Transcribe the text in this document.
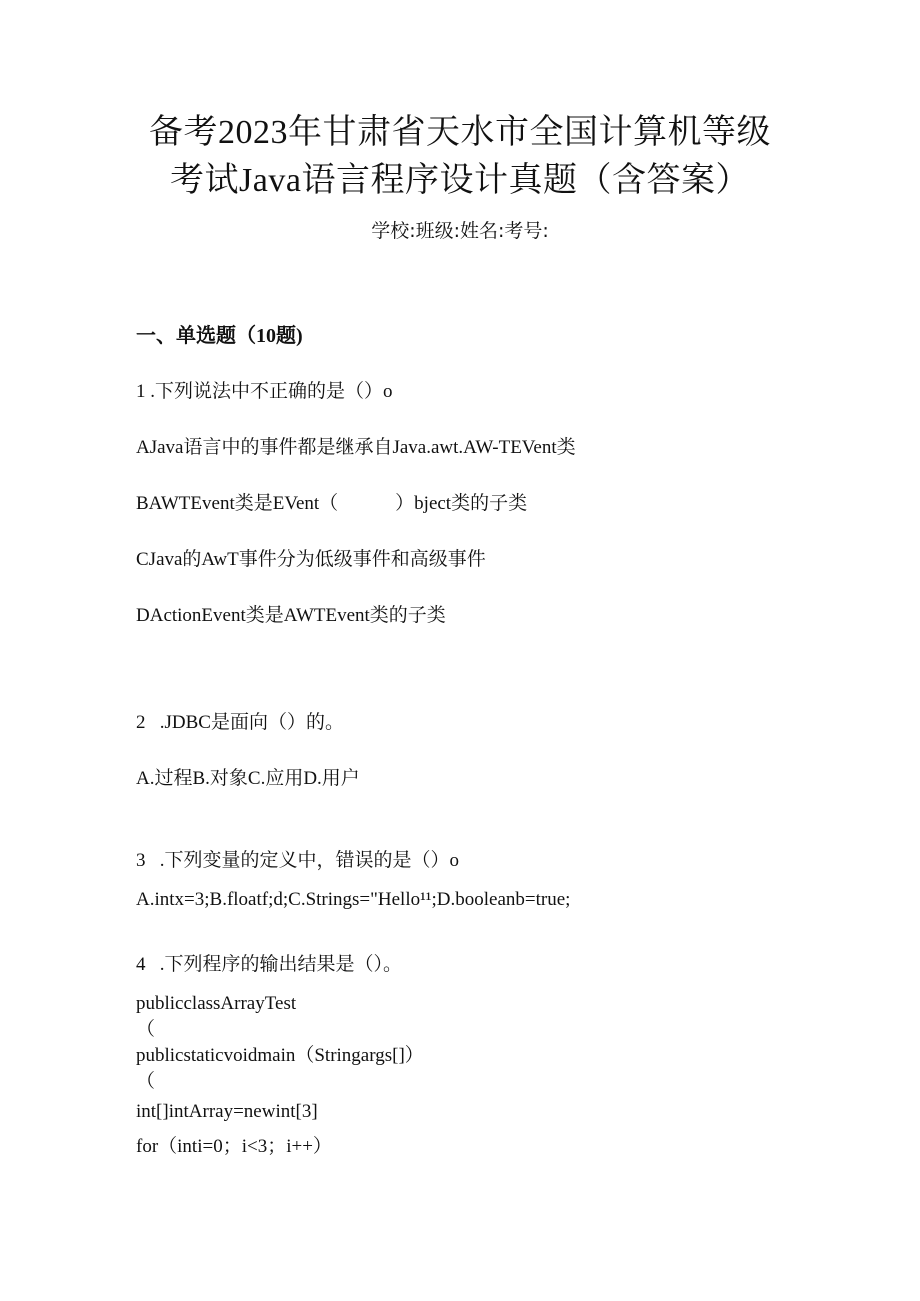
备考2023年甘肃省天水市全国计算机等级
考试Java语言程序设计真题（含答案）
学校:班级:姓名:考号:
一、单选题（10题)
1 .下列说法中不正确的是（）o
AJava语言中的事件都是继承自Java.awt.AW-TEVent类
BAWTEvent类是EVent（            ）bject类的子类
CJava的AwT事件分为低级事件和高级事件
DActionEvent类是AWTEvent类的子类
2   .JDBC是面向（）的。
A.过程B.对象C.应用D.用户
3   .下列变量的定义中，错误的是（）o
A.intx=3;B.floatf;d;C.Strings="Hello¹¹;D.booleanb=true;
4   .下列程序的输出结果是（）。
publicclassArrayTest
（
publicstaticvoidmain（Stringargs[]）
（
int[]intArray=newint[3]
for（inti=0；i<3；i++）
